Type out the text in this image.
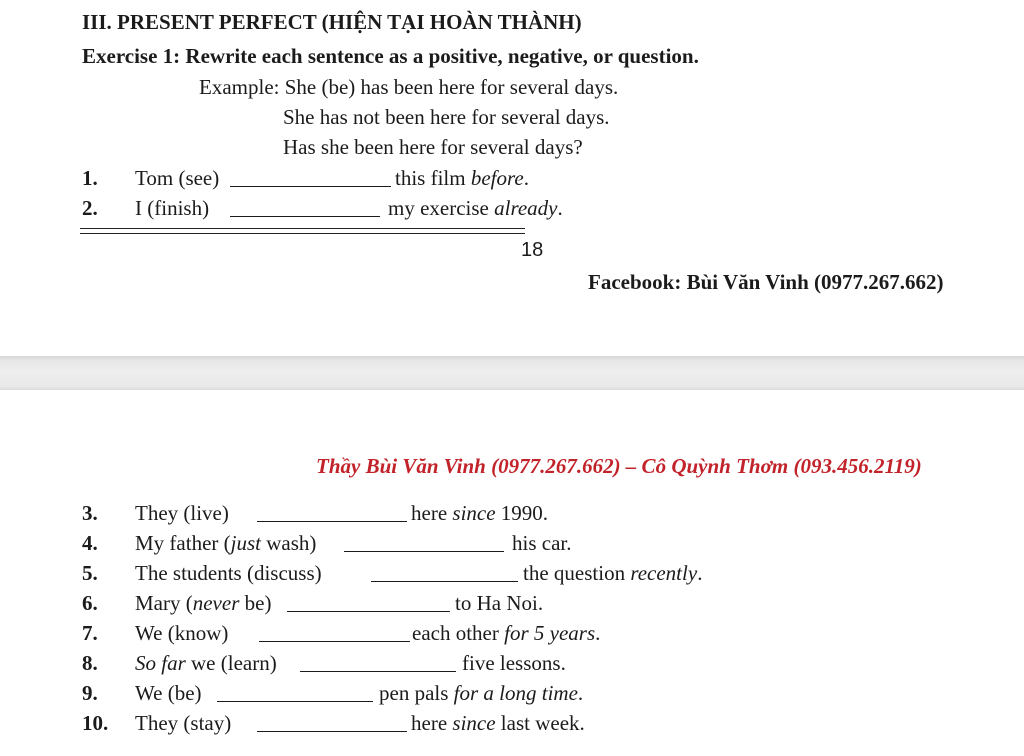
III. PRESENT PERFECT (HIỆN TẠI HOÀN THÀNH)
Exercise 1: Rewrite each sentence as a positive, negative, or question.
Example: She (be) has been here for several days.
She has not been here for several days.
Has she been here for several days?
1. Tom (see)	this film before.
2. I (finish)	my exercise already.
18
Facebook: Bùi Văn Vinh (0977.267.662)
Thầy Bùi Văn Vinh (0977.267.662) – Cô Quỳnh Thơm (093.456.2119)
3. They (live)	here since 1990.
4. My father (just wash)	his car.
5. The students (discuss)	the question recently.
6. Mary (never be)	to Ha Noi.
7. We (know)	each other for 5 years.
8. So far we (learn)	five lessons.
9. We (be)	pen pals for a long time.
10. They (stay)	here since last week.
